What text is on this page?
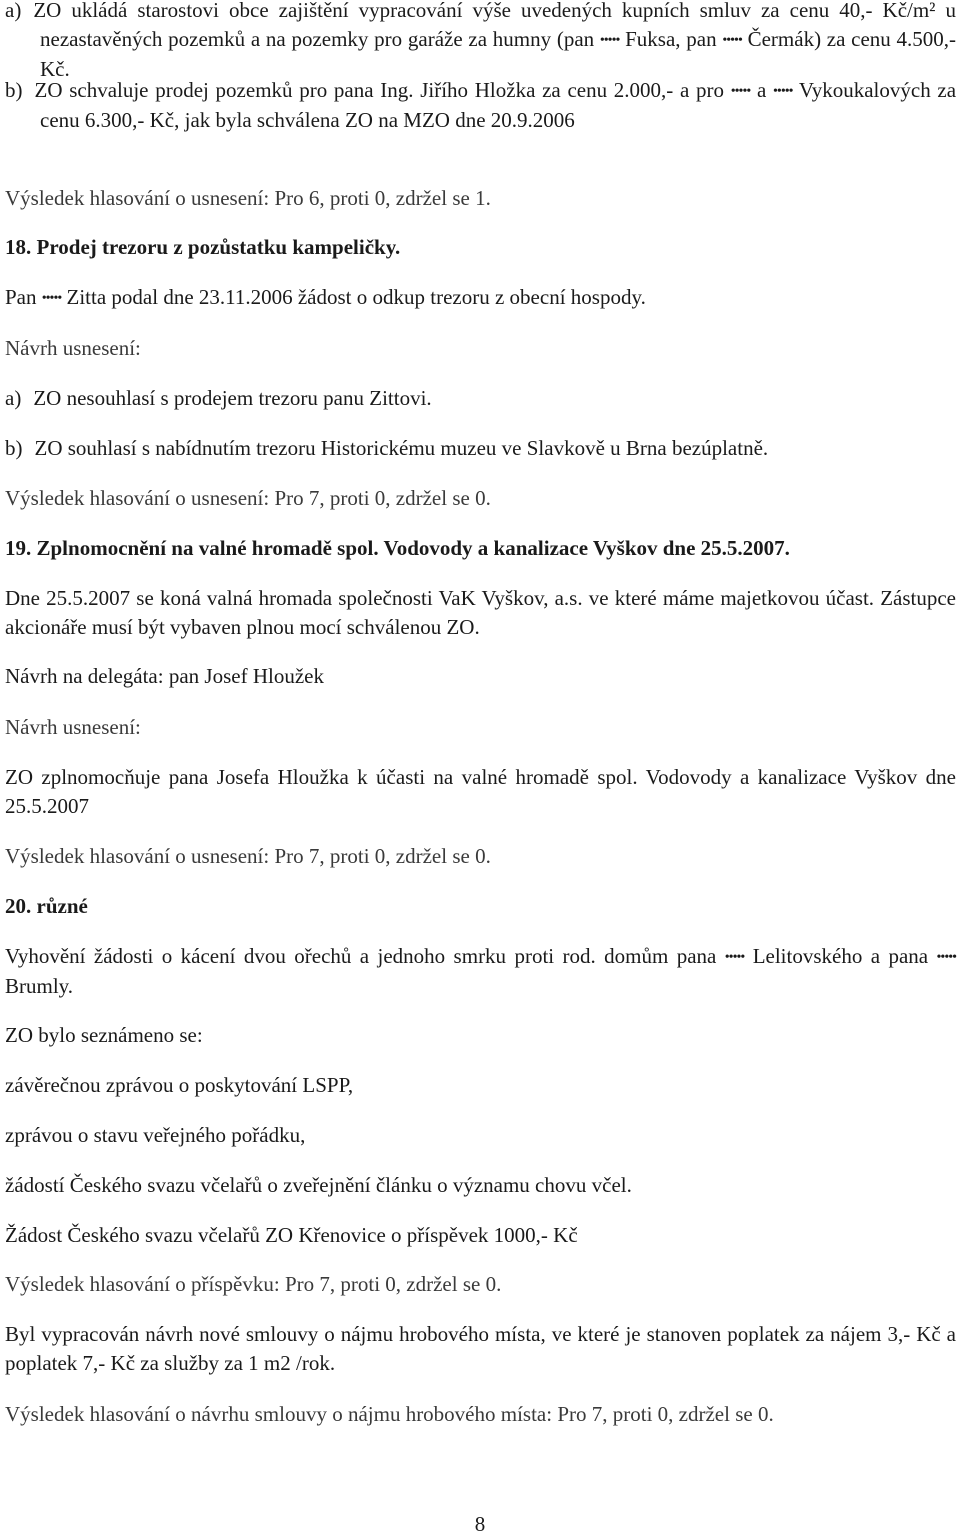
a) ZO ukládá starostovi obce zajištění vypracování výše uvedených kupních smluv za cenu 40,- Kč/m² u nezastavěných pozemků a na pozemky pro garáže za humny (pan ••••• Fuksa, pan ••••• Čermák) za cenu 4.500,- Kč.
b) ZO schvaluje prodej pozemků pro pana Ing. Jiřího Hložka za cenu 2.000,- a pro ••••• a ••••• Vykoukalových za cenu 6.300,- Kč, jak byla schválena ZO na MZO dne 20.9.2006

Výsledek hlasování o usnesení: Pro 6, proti 0, zdržel se 1.

18. Prodej trezoru z pozůstatku kampeličky.

Pan ••••• Zitta podal dne 23.11.2006 žádost o odkup trezoru z obecní hospody.

Návrh usnesení:

a) ZO nesouhlasí s prodejem trezoru panu Zittovi.

b) ZO souhlasí s nabídnutím trezoru Historickému muzeu ve Slavkově u Brna bezúplatně.

Výsledek hlasování o usnesení: Pro 7, proti 0, zdržel se 0.

19. Zplnomocnění na valné hromadě spol. Vodovody a kanalizace Vyškov dne 25.5.2007.

Dne 25.5.2007 se koná valná hromada společnosti VaK Vyškov, a.s. ve které máme majetkovou účast. Zástupce akcionáře musí být vybaven plnou mocí schválenou ZO.

Návrh na delegáta: pan Josef Hloužek

Návrh usnesení:

ZO zplnomocňuje pana Josefa Hloužka k účasti na valné hromadě spol. Vodovody a kanalizace Vyškov dne 25.5.2007

Výsledek hlasování o usnesení: Pro 7, proti 0, zdržel se 0.

20. různé

Vyhovění žádosti o kácení dvou ořechů a jednoho smrku proti rod. domům pana ••••• Lelitovského a pana ••••• Brumly.

ZO bylo seznámeno se:

závěrečnou zprávou o poskytování LSPP,

zprávou o stavu veřejného pořádku,

žádostí Českého svazu včelařů o zveřejnění článku o významu chovu včel.

Žádost Českého svazu včelařů ZO Křenovice o příspěvek 1000,- Kč

Výsledek hlasování o příspěvku: Pro 7, proti 0, zdržel se 0.

Byl vypracován návrh nové smlouvy o nájmu hrobového místa, ve které je stanoven poplatek za nájem 3,- Kč a poplatek 7,- Kč za služby za 1 m2 /rok.

Výsledek hlasování o návrhu smlouvy o nájmu hrobového místa: Pro 7, proti 0, zdržel se 0.

8
